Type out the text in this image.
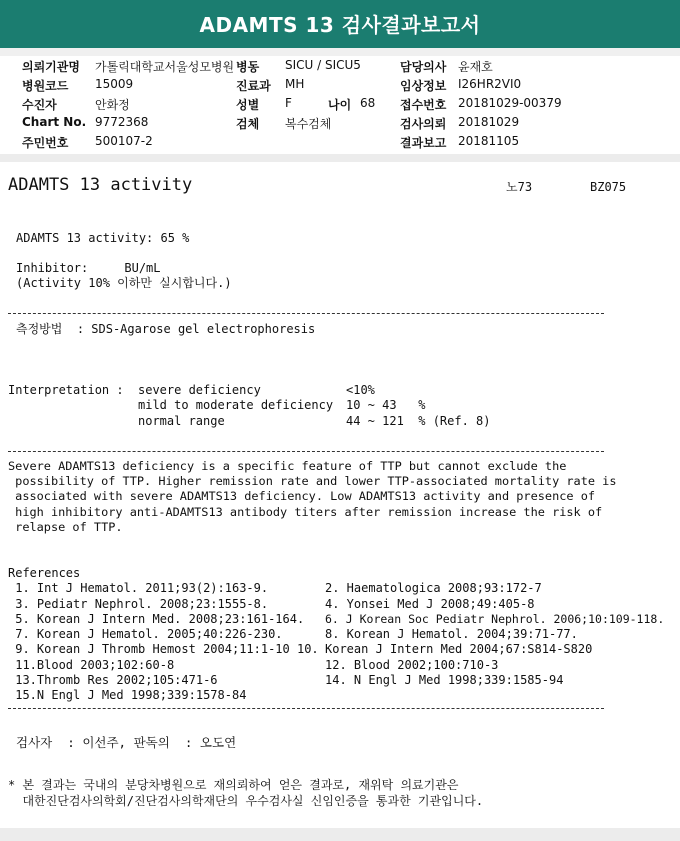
ADAMTS 13 검사결과보고서
의뢰기관명 가톨릭대학교서울성모병원 병동 SICU / SICU5	담당의사 윤재호
병원코드 15009	진료과 MH	임상정보 I26HR2VI0
수진자	안화정	성별 F	나이 68 접수번호 20181029-00379
Chart No. 9772368	검체 복수검체	검사의뢰 20181029
주민번호 500107-2	결과보고 20181105
ADAMTS 13 activity	노73	BZ075
ADAMTS 13 activity: 65 %
Inhibitor:     BU/mL
(Activity 10% 이하만 실시합니다.)
측정방법  : SDS-Agarose gel electrophoresis
Interpretation : severe deficiency	<10%
mild to moderate deficiency 10 ~ 43   %
normal range	44 ~ 121  % (Ref. 8)
Severe ADAMTS13 deficiency is a specific feature of TTP but cannot exclude the
possibility of TTP. Higher remission rate and lower TTP-associated mortality rate is
associated with severe ADAMTS13 deficiency. Low ADAMTS13 activity and presence of
high inhibitory anti-ADAMTS13 antibody titers after remission increase the risk of
relapse of TTP.
References
1. Int J Hematol. 2011;93(2):163-9.	2. Haematologica 2008;93:172-7
3. Pediatr Nephrol. 2008;23:1555-8.	4. Yonsei Med J 2008;49:405-8
5. Korean J Intern Med. 2008;23:161-164. 6. J Korean Soc Pediatr Nephrol. 2006;10:109-118.
7. Korean J Hematol. 2005;40:226-230.	8. Korean J Hematol. 2004;39:71-77.
9. Korean J Thromb Hemost 2004;11:1-10 10. Korean J Intern Med 2004;67:S814-S820
11.Blood 2003;102:60-8	12. Blood 2002;100:710-3
13.Thromb Res 2002;105:471-6	14. N Engl J Med 1998;339:1585-94
15.N Engl J Med 1998;339:1578-84
검사자  : 이선주, 판독의  : 오도연
* 본 결과는 국내의 분당차병원으로 재의뢰하여 얻은 결과로, 재위탁 의료기관은
대한진단검사의학회/진단검사의학재단의 우수검사실 신임인증을 통과한 기관입니다.
